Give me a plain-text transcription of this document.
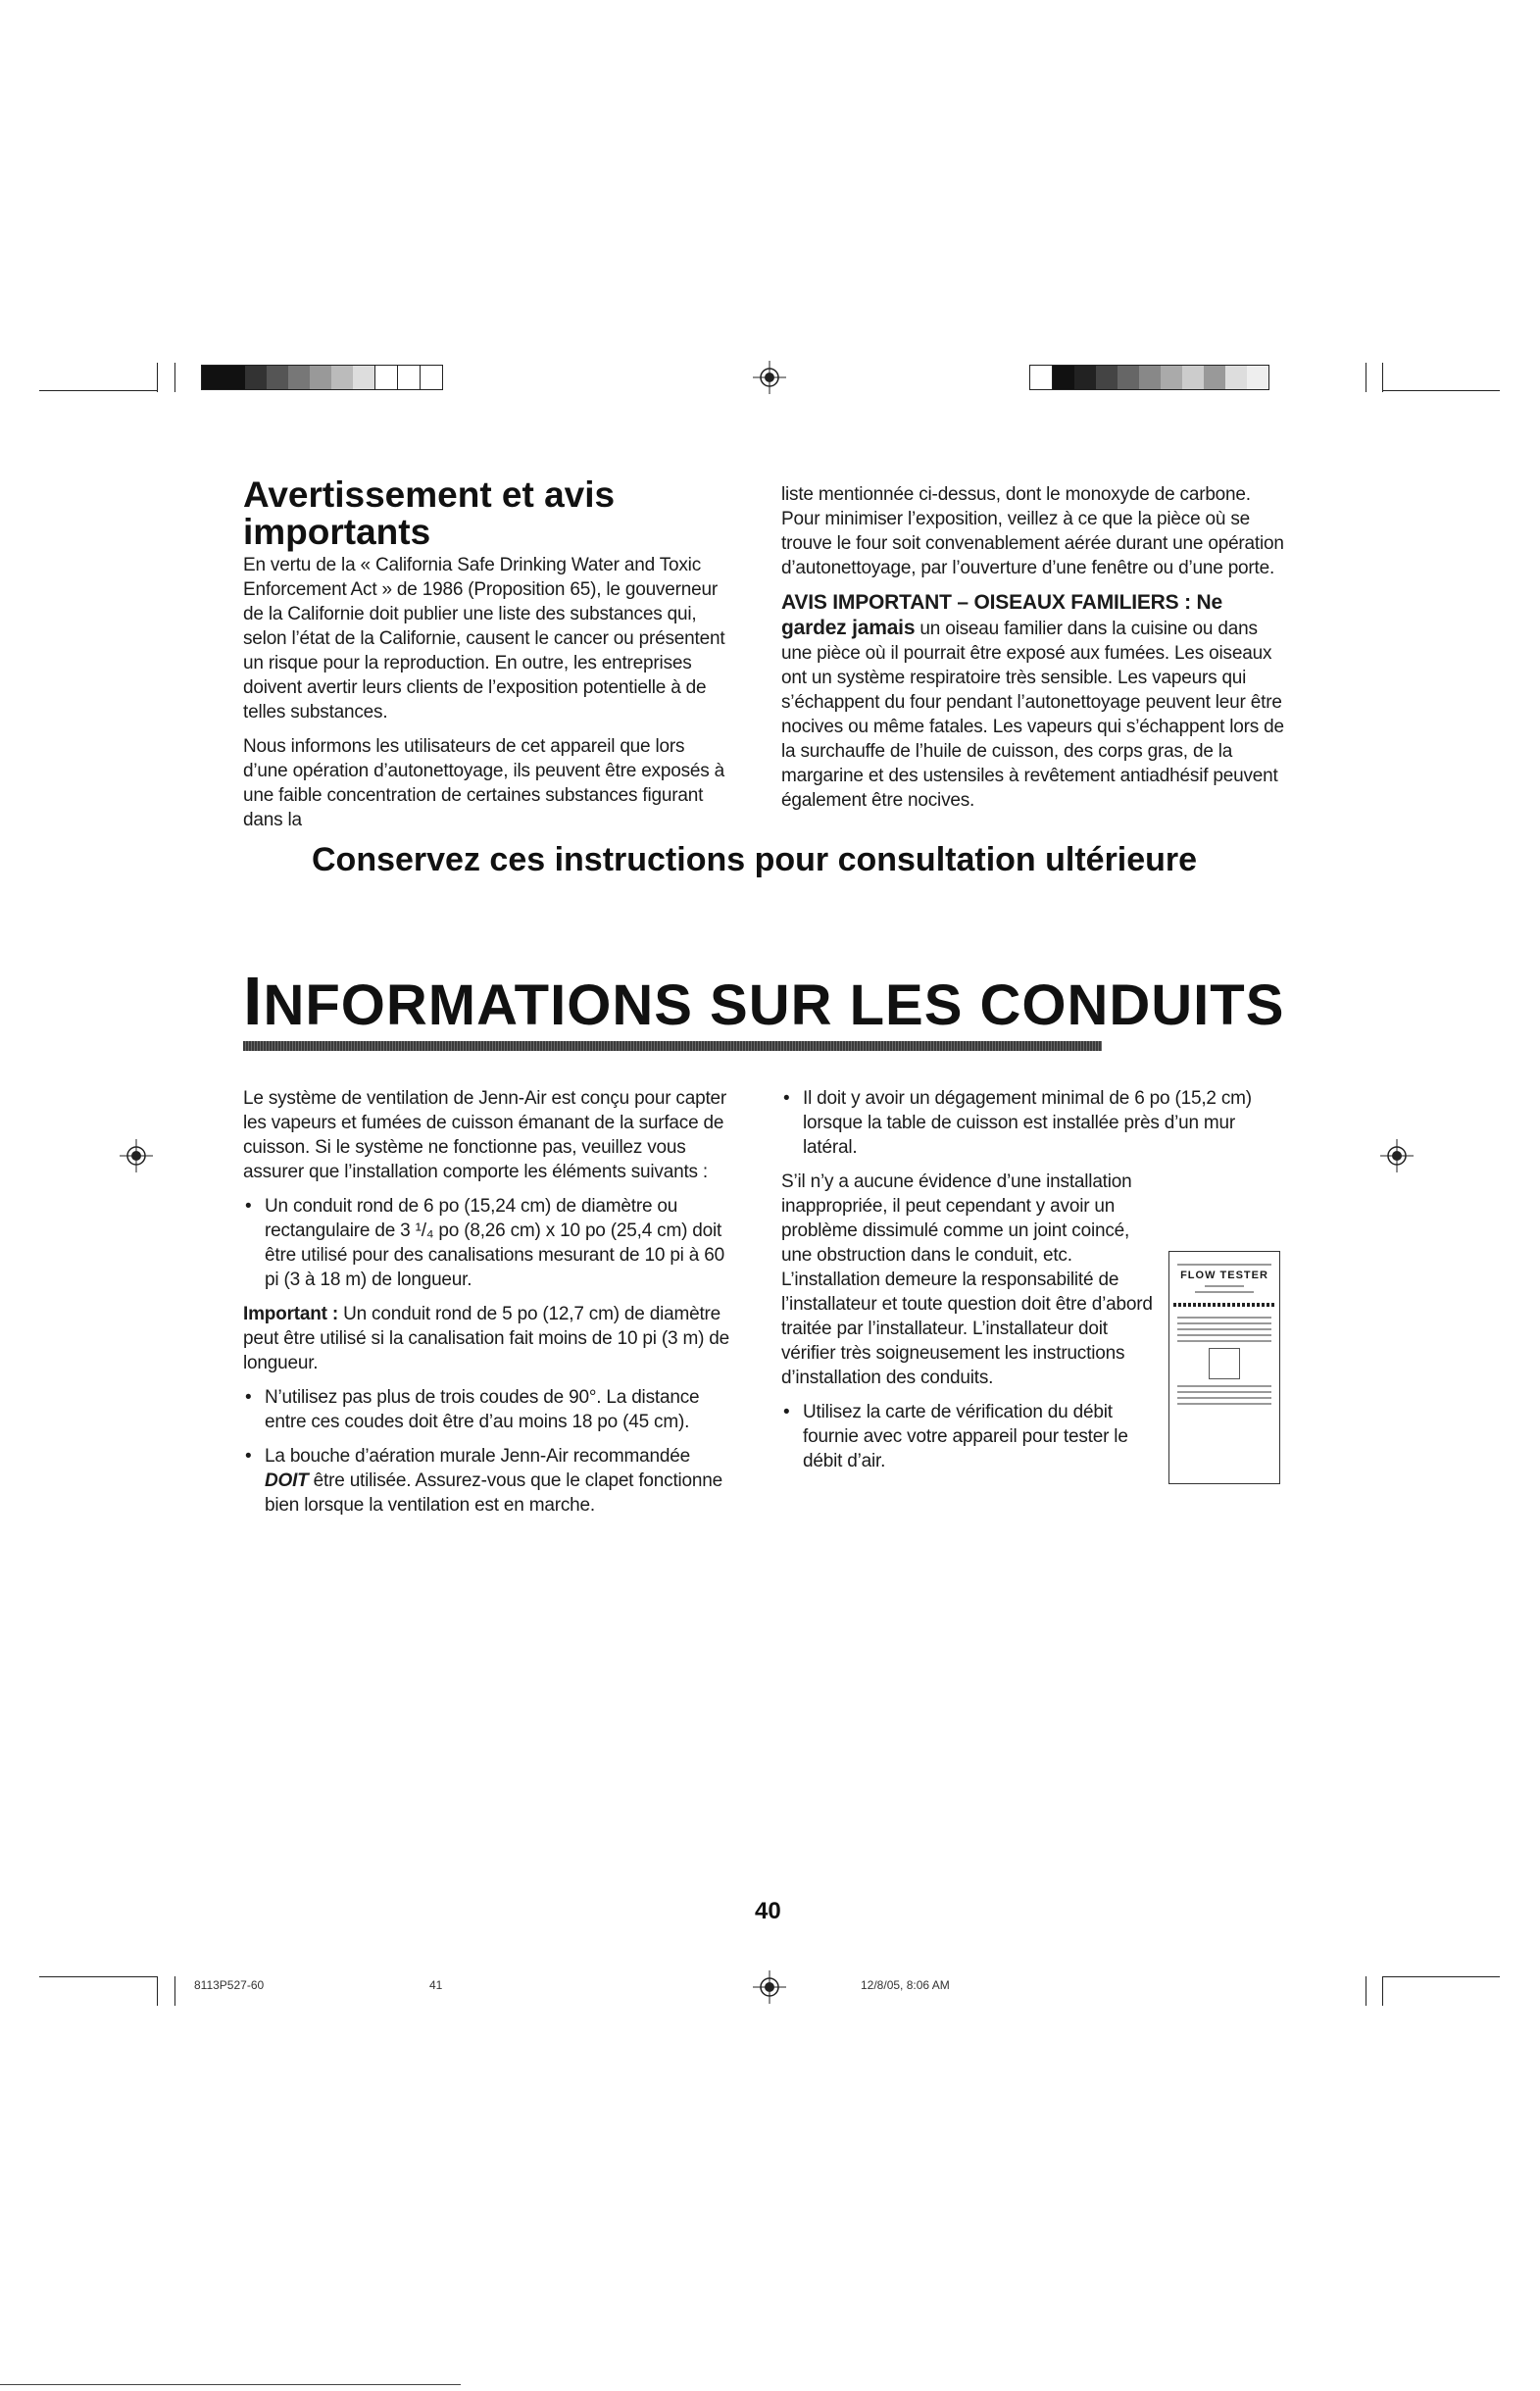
Avertissement et avis importants

En vertu de la « California Safe Drinking Water and Toxic Enforcement Act » de 1986 (Proposition 65), le gouverneur de la Californie doit publier une liste des substances qui, selon l’état de la Californie, causent le cancer ou présentent un risque pour la reproduction. En outre, les entreprises doivent avertir leurs clients de l’exposition potentielle à de telles substances.

Nous informons les utilisateurs de cet appareil que lors d’une opération d’autonettoyage, ils peuvent être exposés à une faible concentration de certaines substances figurant dans la

liste mentionnée ci-dessus, dont le monoxyde de carbone. Pour minimiser l’exposition, veillez à ce que la pièce où se trouve le four soit convenablement aérée durant une opération d’autonettoyage, par l’ouverture d’une fenêtre ou d’une porte.

AVIS IMPORTANT – OISEAUX FAMILIERS : Ne gardez jamais un oiseau familier dans la cuisine ou dans une pièce où il pourrait être exposé aux fumées. Les oiseaux ont un système respiratoire très sensible. Les vapeurs qui s’échappent du four pendant l’autonettoyage peuvent leur être nocives ou même fatales. Les vapeurs qui s’échappent lors de la surchauffe de l’huile de cuisson, des corps gras, de la margarine et des ustensiles à revêtement antiadhésif peuvent également être nocives.

Conservez ces instructions pour consultation ultérieure
INFORMATIONS SUR LES CONDUITS

Le système de ventilation de Jenn-Air est conçu pour capter les vapeurs et fumées de cuisson émanant de la surface de cuisson. Si le système ne fonctionne pas, veuillez vous assurer que l’installation comporte les éléments suivants :

• Un conduit rond de 6 po (15,24 cm) de diamètre ou rectangulaire de 3 ¹/₄ po (8,26 cm) x 10 po (25,4 cm) doit être utilisé pour des canalisations mesurant de 10 pi à 60 pi (3 à 18 m) de longueur.

Important : Un conduit rond de 5 po (12,7 cm) de diamètre peut être utilisé si la canalisation fait moins de 10 pi (3 m) de longueur.

• N’utilisez pas plus de trois coudes de 90°. La distance entre ces coudes doit être d’au moins 18 po (45 cm).
• La bouche d’aération murale Jenn-Air recommandée DOIT être utilisée. Assurez-vous que le clapet fonctionne bien lorsque la ventilation est en marche.
• Il doit y avoir un dégagement minimal de 6 po (15,2 cm) lorsque la table de cuisson est installée près d’un mur latéral.

S’il n’y a aucune évidence d’une installation inappropriée, il peut cependant y avoir un problème dissimulé comme un joint coincé, une obstruction dans le conduit, etc. L’installation demeure la responsabilité de l’installateur et toute question doit être d’abord traitée par l’installateur. L’installateur doit vérifier très soigneusement les instructions d’installation des conduits.

• Utilisez la carte de vérification du débit fournie avec votre appareil pour tester le débit d’air.
FLOW TESTER
40
8113P527-60	41	12/8/05, 8:06 AM
